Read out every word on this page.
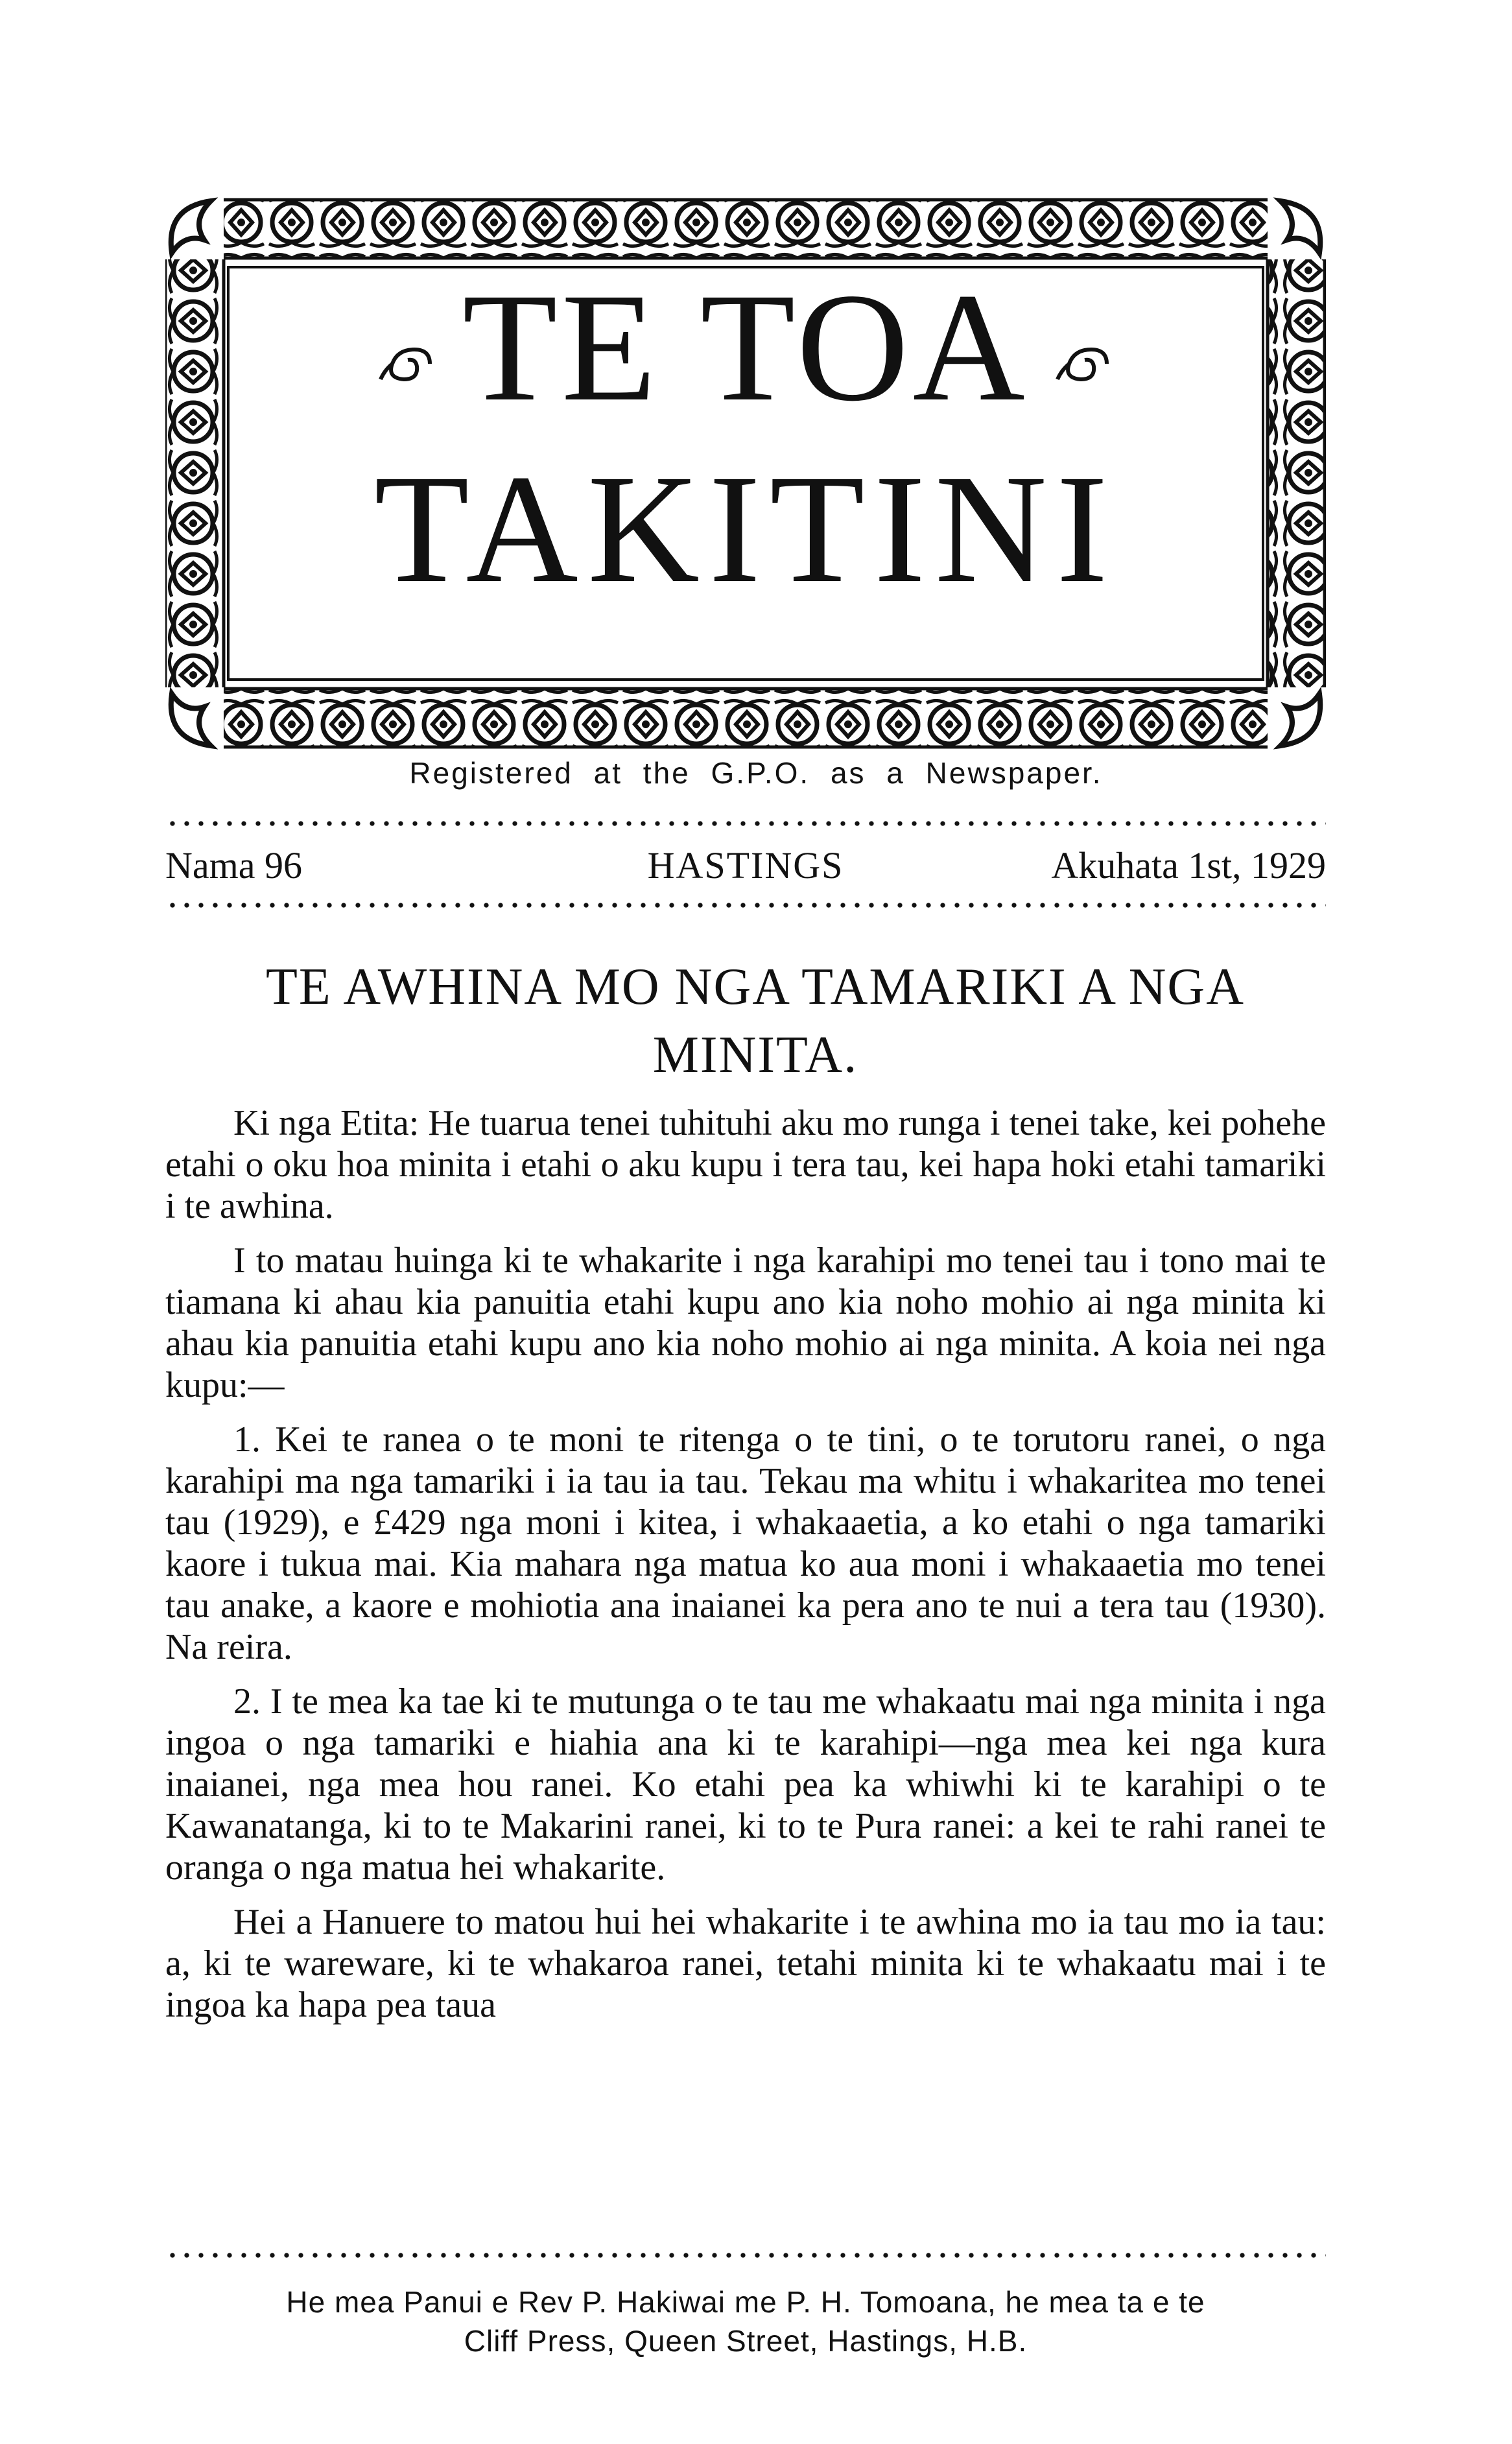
TE TOA
TAKITINI
Registered at the G.P.O. as a Newspaper.
HASTINGS
Nama 96	Akuhata 1st, 1929
TE AWHINA MO NGA TAMARIKI A NGA MINITA.

Ki nga Etita: He tuarua tenei tuhituhi aku mo runga i tenei take, kei pohehe etahi o oku hoa minita i etahi o aku kupu i tera tau, kei hapa hoki etahi tamariki i te awhina.

I to matau huinga ki te whakarite i nga karahipi mo tenei tau i tono mai te tiamana ki ahau kia panuitia etahi kupu ano kia noho mohio ai nga minita ki ahau kia panuitia etahi kupu ano kia noho mohio ai nga minita. A koia nei nga kupu:—

1. Kei te ranea o te moni te ritenga o te tini, o te torutoru ranei, o nga karahipi ma nga tamariki i ia tau ia tau. Tekau ma whitu i whakaritea mo tenei tau (1929), e £429 nga moni i kitea, i whakaaetia, a ko etahi o nga tamariki kaore i tukua mai. Kia mahara nga matua ko aua moni i whakaaetia mo tenei tau anake, a kaore e mohiotia ana inaianei ka pera ano te nui a tera tau (1930). Na reira.

2. I te mea ka tae ki te mutunga o te tau me whakaatu mai nga minita i nga ingoa o nga tamariki e hiahia ana ki te karahipi—nga mea kei nga kura inaianei, nga mea hou ranei. Ko etahi pea ka whiwhi ki te karahipi o te Kawanatanga, ki to te Makarini ranei, ki to te Pura ranei: a kei te rahi ranei te oranga o nga matua hei whakarite.

Hei a Hanuere to matou hui hei whakarite i te awhina mo ia tau mo ia tau: a, ki te wareware, ki te whakaroa ranei, tetahi minita ki te whakaatu mai i te ingoa ka hapa pea taua

He mea Panui e Rev P. Hakiwai me P. H. Tomoana, he mea ta e te
Cliff Press, Queen Street, Hastings, H.B.
